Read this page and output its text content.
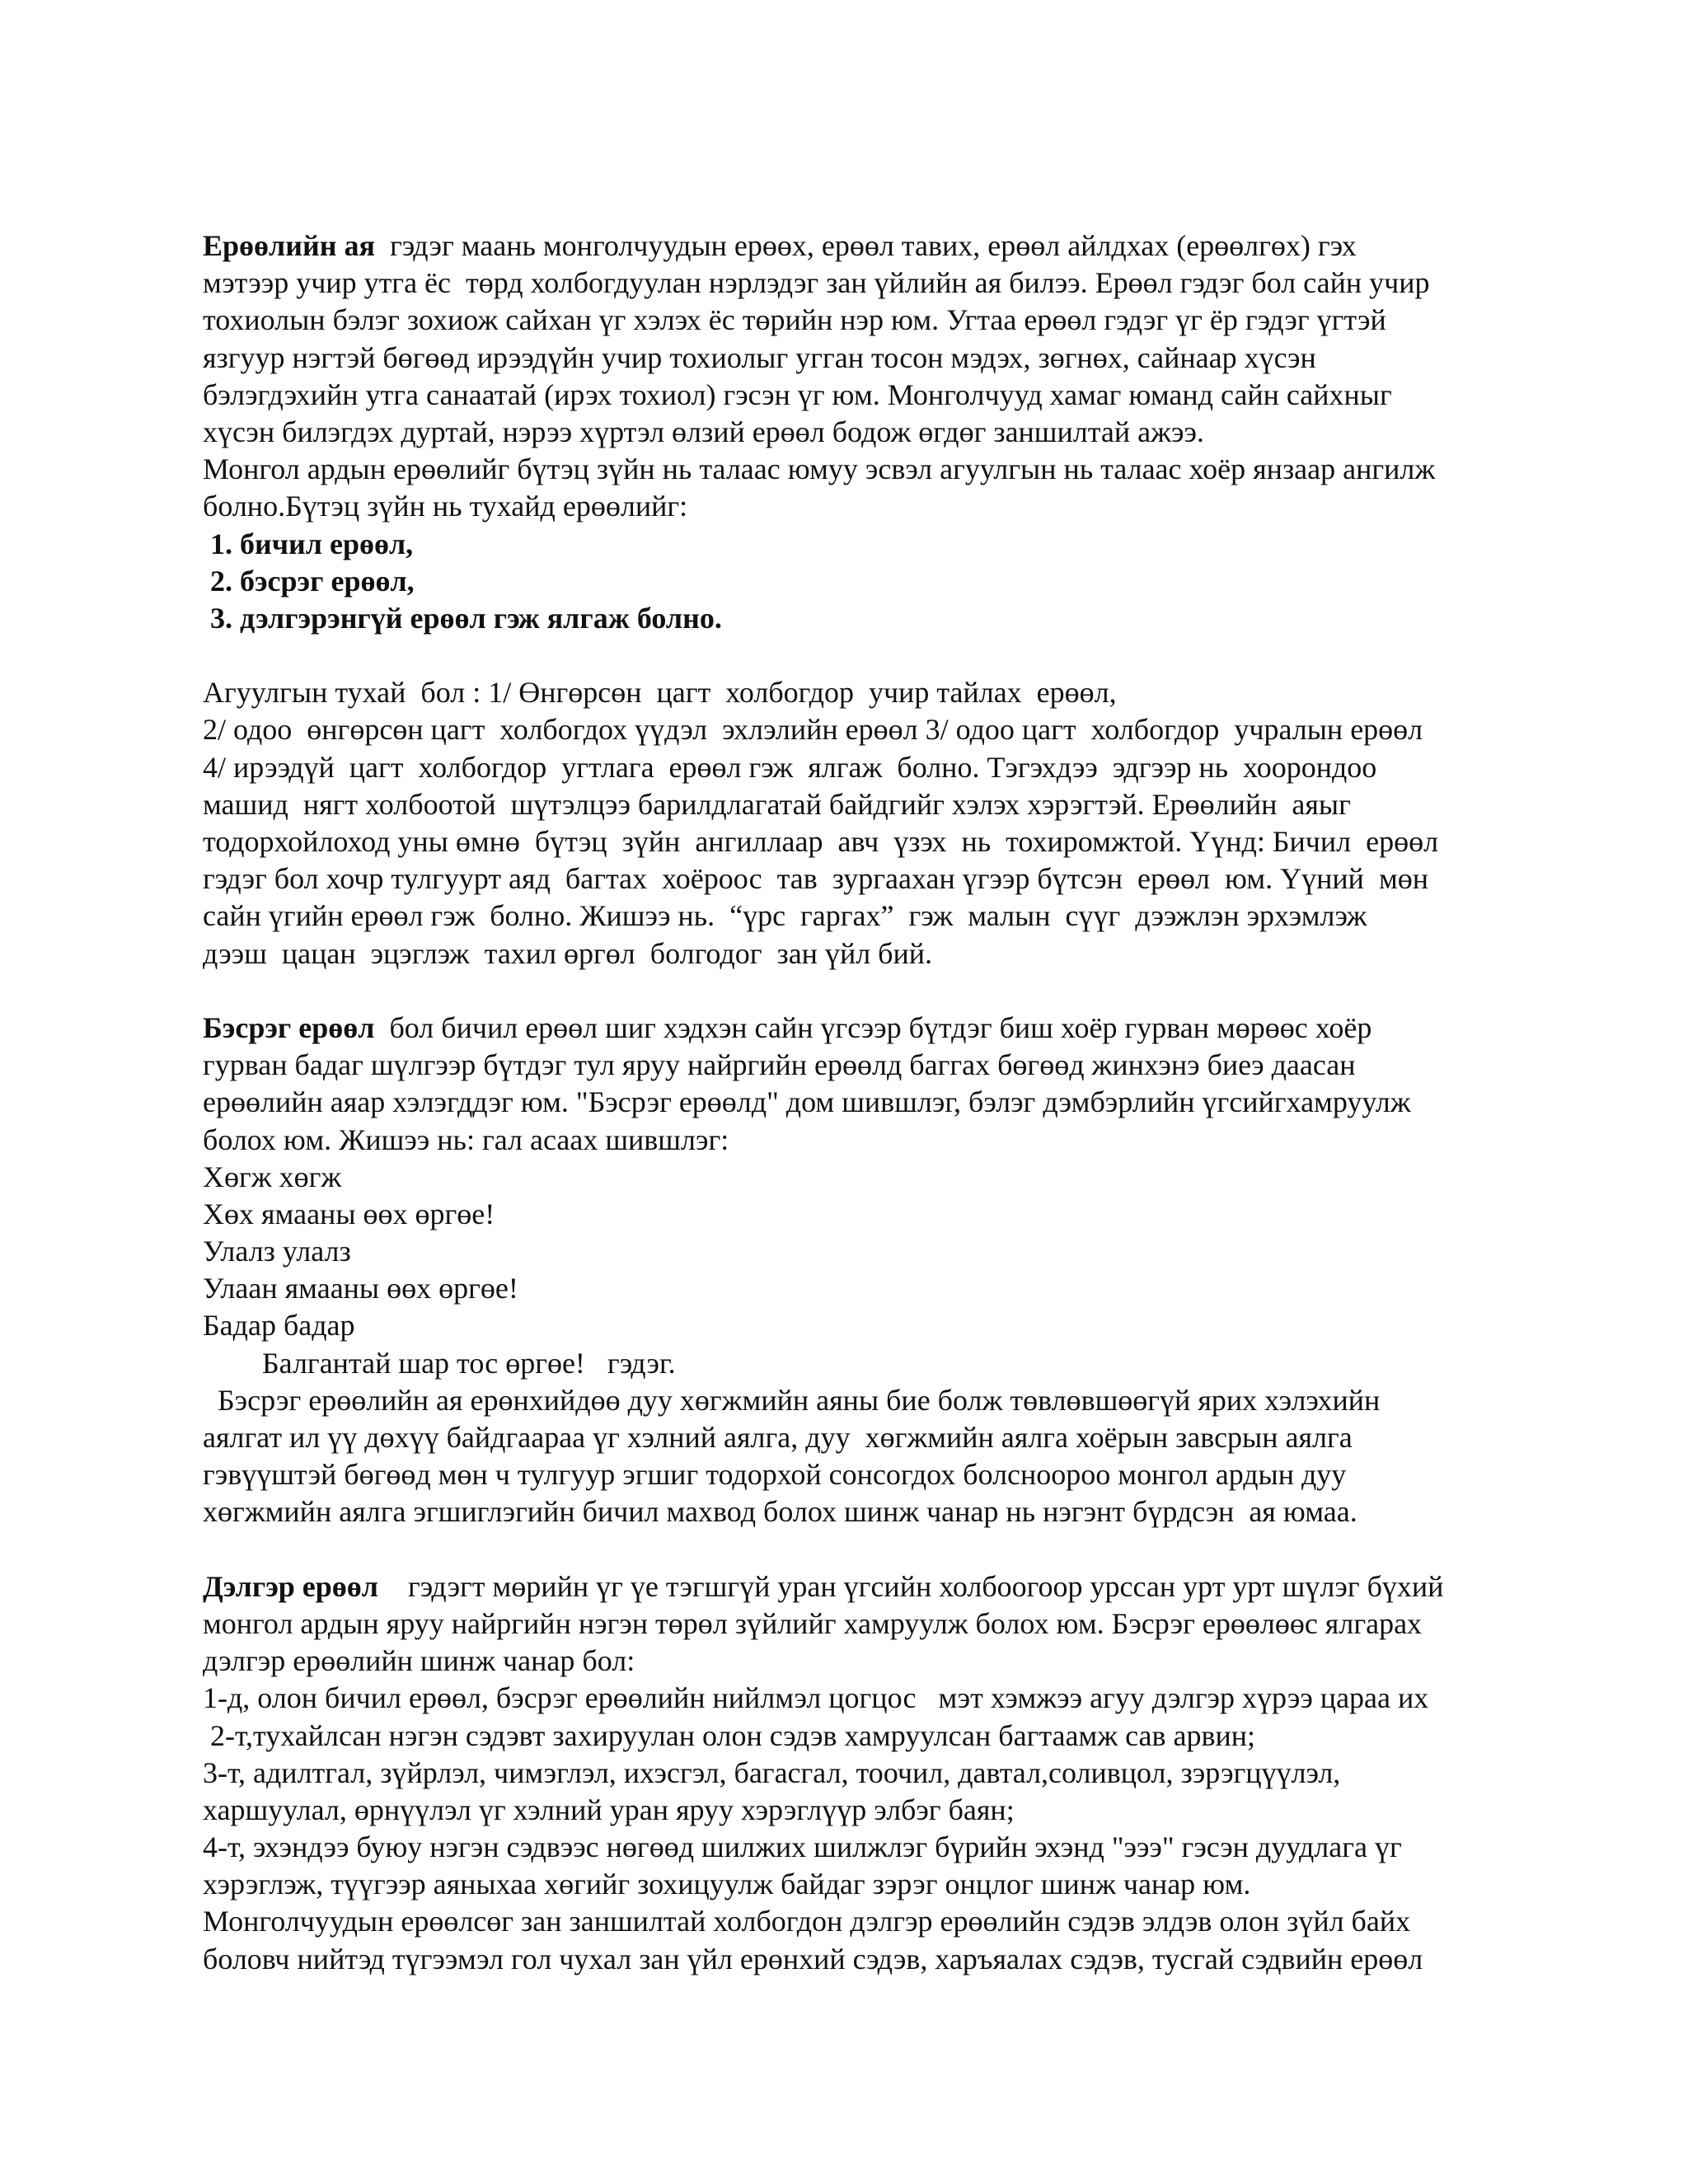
Ерөөлийн ая  гэдэг маань монголчуудын ерөөх, ерөөл тавих, ерөөл айлдхах (ерөөлгөх) гэх
мэтээр учир утга ёс  төрд холбогдуулан нэрлэдэг зан үйлийн ая билээ. Ерөөл гэдэг бол сайн учир
тохиолын бэлэг зохиож сайхан үг хэлэх ёс төрийн нэр юм. Угтаа ерөөл гэдэг үг ёр гэдэг үгтэй
язгуур нэгтэй бөгөөд ирээдүйн учир тохиолыг угган тосон мэдэх, зөгнөх, сайнаар хүсэн
бэлэгдэхийн утга санаатай (ирэх тохиол) гэсэн үг юм. Монголчууд хамаг юманд сайн сайхныг
хүсэн билэгдэх дуртай, нэрээ хүртэл өлзий ерөөл бодож өгдөг заншилтай ажээ.
Монгол ардын ерөөлийг бүтэц зүйн нь талаас юмуу эсвэл агуулгын нь талаас хоёр янзаар ангилж
болно.Бүтэц зүйн нь тухайд ерөөлийг:
1. бичил ерөөл,
2. бэсрэг ерөөл,
3. дэлгэрэнгүй ерөөл гэж ялгаж болно.
Агуулгын тухай  бол : 1/ Өнгөрсөн  цагт  холбогдор  учир тайлах  ерөөл,
2/ одоо  өнгөрсөн цагт  холбогдох үүдэл  эхлэлийн ерөөл 3/ одоо цагт  холбогдор  учралын ерөөл
4/ ирээдүй  цагт  холбогдор  угтлага  ерөөл гэж  ялгаж  болно. Тэгэхдээ  эдгээр нь  хоорондоо
машид  нягт холбоотой  шүтэлцээ барилдлагатай байдгийг хэлэх хэрэгтэй. Ерөөлийн  аяыг
тодорхойлоход уны өмнө  бүтэц  зүйн  ангиллаар  авч  үзэх  нь  тохиромжтой. Үүнд: Бичил  ерөөл
гэдэг бол хочр тулгуурт аяд  багтах  хоёроос  тав  зургаахан үгээр бүтсэн  ерөөл  юм. Үүний  мөн
сайн үгийн ерөөл гэж  болно. Жишээ нь.  “үрс  гаргах”  гэж  малын  сүүг  дээжлэн эрхэмлэж
дээш  цацан  эцэглэж  тахил өргөл  болгодог  зан үйл бий.
Бэсрэг ерөөл  бол бичил ерөөл шиг хэдхэн сайн үгсээр бүтдэг биш хоёр гурван мөрөөс хоёр
гурван бадаг шүлгээр бүтдэг тул яруу найргийн ерөөлд баггах бөгөөд жинхэнэ биеэ даасан
ерөөлийн аяар хэлэгддэг юм. "Бэсрэг ерөөлд" дом шившлэг, бэлэг дэмбэрлийн үгсийгхамруулж
болох юм. Жишээ нь: гал асаах шившлэг:
Хөгж хөгж
Хөх ямааны өөх өргөе!
Улалз улалз
Улаан ямааны өөх өргөе!
Бадар бадар
Балгантай шар тос өргөе!   гэдэг.
Бэсрэг ерөөлийн ая ерөнхийдөө дуу хөгжмийн аяны бие болж төвлөвшөөгүй ярих хэлэхийн
аялгат ил үү дөхүү байдгаараа үг хэлний аялга, дуу  хөгжмийн аялга хоёрын завсрын аялга
гэвүүштэй бөгөөд мөн ч тулгуур эгшиг тодорхой сонсогдох болсноороо монгол ардын дуу
хөгжмийн аялга эгшиглэгийн бичил махвод болох шинж чанар нь нэгэнт бүрдсэн  ая юмаа.
Дэлгэр ерөөл    гэдэгт мөрийн үг үе тэгшгүй уран үгсийн холбоогоор урссан урт урт шүлэг бүхий
монгол ардын яруу найргийн нэгэн төрөл зүйлийг хамруулж болох юм. Бэсрэг ерөөлөөс ялгарах
дэлгэр ерөөлийн шинж чанар бол:
1-д, олон бичил ерөөл, бэсрэг ерөөлийн нийлмэл цогцос   мэт хэмжээ агуу дэлгэр хүрээ цараа их
2-т,тухайлсан нэгэн сэдэвт захируулан олон сэдэв хамруулсан багтаамж сав арвин;
3-т, адилтгал, зүйрлэл, чимэглэл, ихэсгэл, багасгал, тоочил, давтал,соливцол, зэрэгцүүлэл,
харшуулал, өрнүүлэл үг хэлний уран яруу хэрэглүүр элбэг баян;
4-т, эхэндээ буюу нэгэн сэдвээс нөгөөд шилжих шилжлэг бүрийн эхэнд "эээ" гэсэн дуудлага үг
хэрэглэж, түүгээр аяныхаа хөгийг зохицуулж байдаг зэрэг онцлог шинж чанар юм.
Монголчуудын ерөөлсөг зан заншилтай холбогдон дэлгэр ерөөлийн сэдэв элдэв олон зүйл байх
боловч нийтэд түгээмэл гол чухал зан үйл ерөнхий сэдэв, харъяалах сэдэв, тусгай сэдвийн ерөөл
